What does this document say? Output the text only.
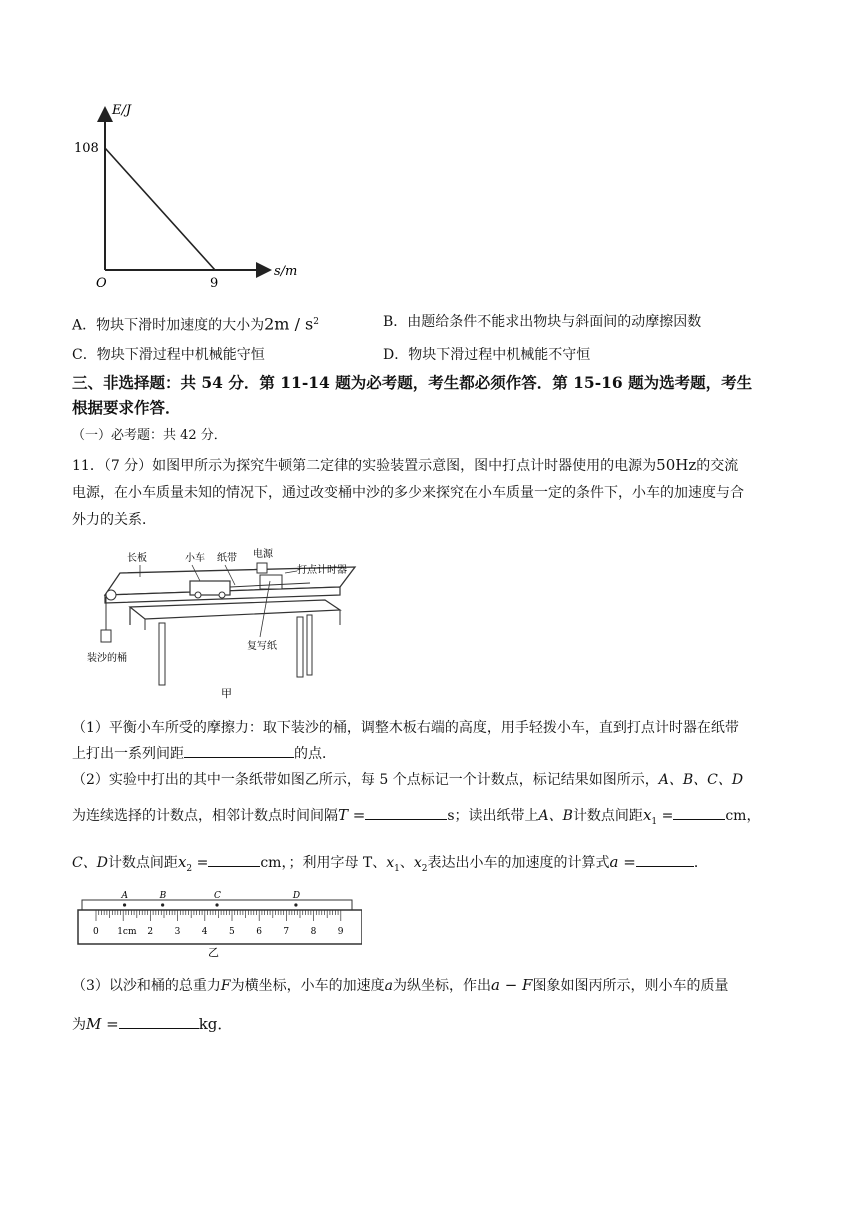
E/J
s/m
108
9
O
A．物块下滑时加速度的大小为$2m / s^2$	B．由题给条件不能求出物块与斜面间的动摩擦因数
C．物块下滑过程中机械能守恒	D．物块下滑过程中机械能不守恒
三、非选择题：共 54 分．第 11-14 题为必考题，考生都必须作答．第 15-16 题为选考题，考生
根据要求作答．
（一）必考题：共 42 分．
11．（7 分）如图甲所示为探究牛顿第二定律的实验装置示意图，图中打点计时器使用的电源为50Hz的交流
电源，在小车质量未知的情况下，通过改变桶中沙的多少来探究在小车质量一定的条件下，小车的加速度与合
外力的关系．
长板	小车 纸带 电源
打点计时器
复写纸
装沙的桶
甲
（1）平衡小车所受的摩擦力：取下装沙的桶，调整木板右端的高度，用手轻拨小车，直到打点计时器在纸带
上打出一系列间距	的点．
（2）实验中打出的其中一条纸带如图乙所示，每 5 个点标记一个计数点，标记结果如图所示，A、B、C、D
为连续选择的计数点，相邻计数点时间间隔T =	s；读出纸带上A、B计数点间距$x_1$ =	cm，
C、D计数点间距$x_2$ =	cm，；利用字母 T、$x_1$、$x_2$表达出小车的加速度的计算式a =	．
0 1cm 2 3 4 5 6 7 8 9
A	B	C	D
乙
（3）以沙和桶的总重力F为横坐标，小车的加速度a为纵坐标，作出a − F图象如图丙所示，则小车的质量
为M =	kg．
